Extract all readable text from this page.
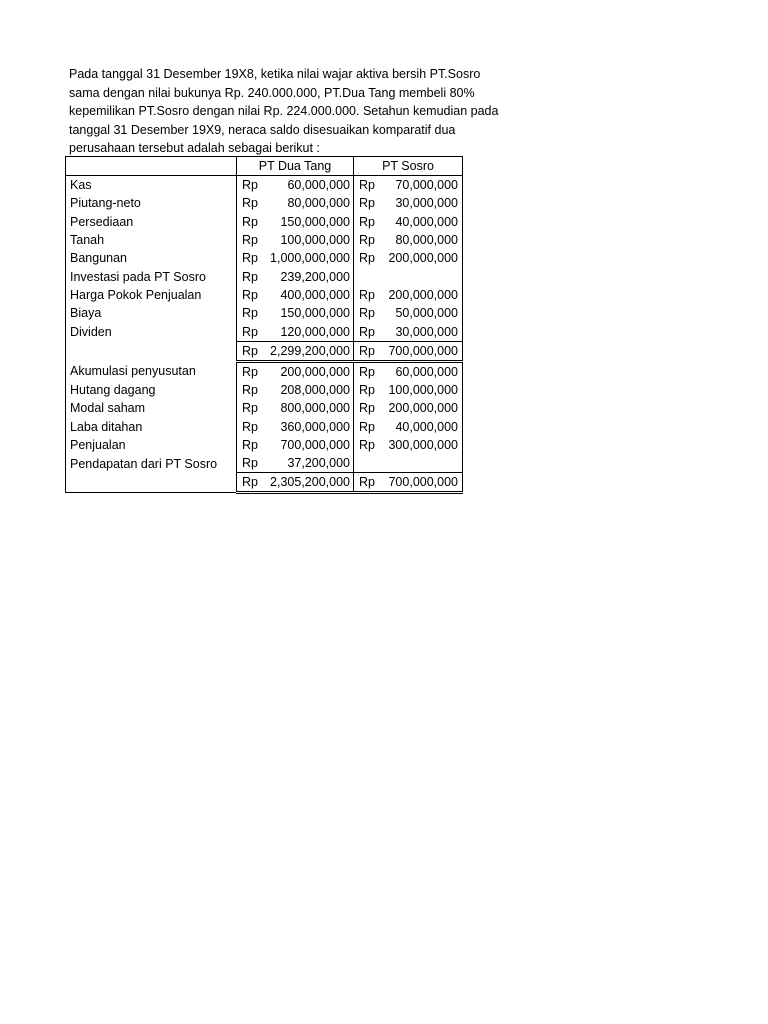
Pada tanggal 31 Desember 19X8, ketika nilai wajar aktiva bersih PT.Sosro
sama dengan nilai bukunya Rp. 240.000.000, PT.Dua Tang membeli 80%
kepemilikan PT.Sosro dengan nilai Rp. 224.000.000. Setahun kemudian pada
tanggal 31 Desember 19X9, neraca saldo disesuaikan komparatif dua
perusahaan tersebut adalah sebagai berikut :
	PT Dua Tang		PT Sosro	
Kas	Rp	60,000,000	Rp	70,000,000
Piutang-neto	Rp	80,000,000	Rp	30,000,000
Persediaan	Rp	150,000,000	Rp	40,000,000
Tanah	Rp	100,000,000	Rp	80,000,000
Bangunan	Rp	1,000,000,000	Rp	200,000,000
Investasi pada PT Sosro	Rp	239,200,000		
Harga Pokok Penjualan	Rp	400,000,000	Rp	200,000,000
Biaya	Rp	150,000,000	Rp	50,000,000
Dividen	Rp	120,000,000	Rp	30,000,000
	Rp	2,299,200,000	Rp	700,000,000
Akumulasi penyusutan	Rp	200,000,000	Rp	60,000,000
Hutang dagang	Rp	208,000,000	Rp	100,000,000
Modal saham	Rp	800,000,000	Rp	200,000,000
Laba ditahan	Rp	360,000,000	Rp	40,000,000
Penjualan	Rp	700,000,000	Rp	300,000,000
Pendapatan dari PT Sosro	Rp	37,200,000		
	Rp	2,305,200,000	Rp	700,000,000
